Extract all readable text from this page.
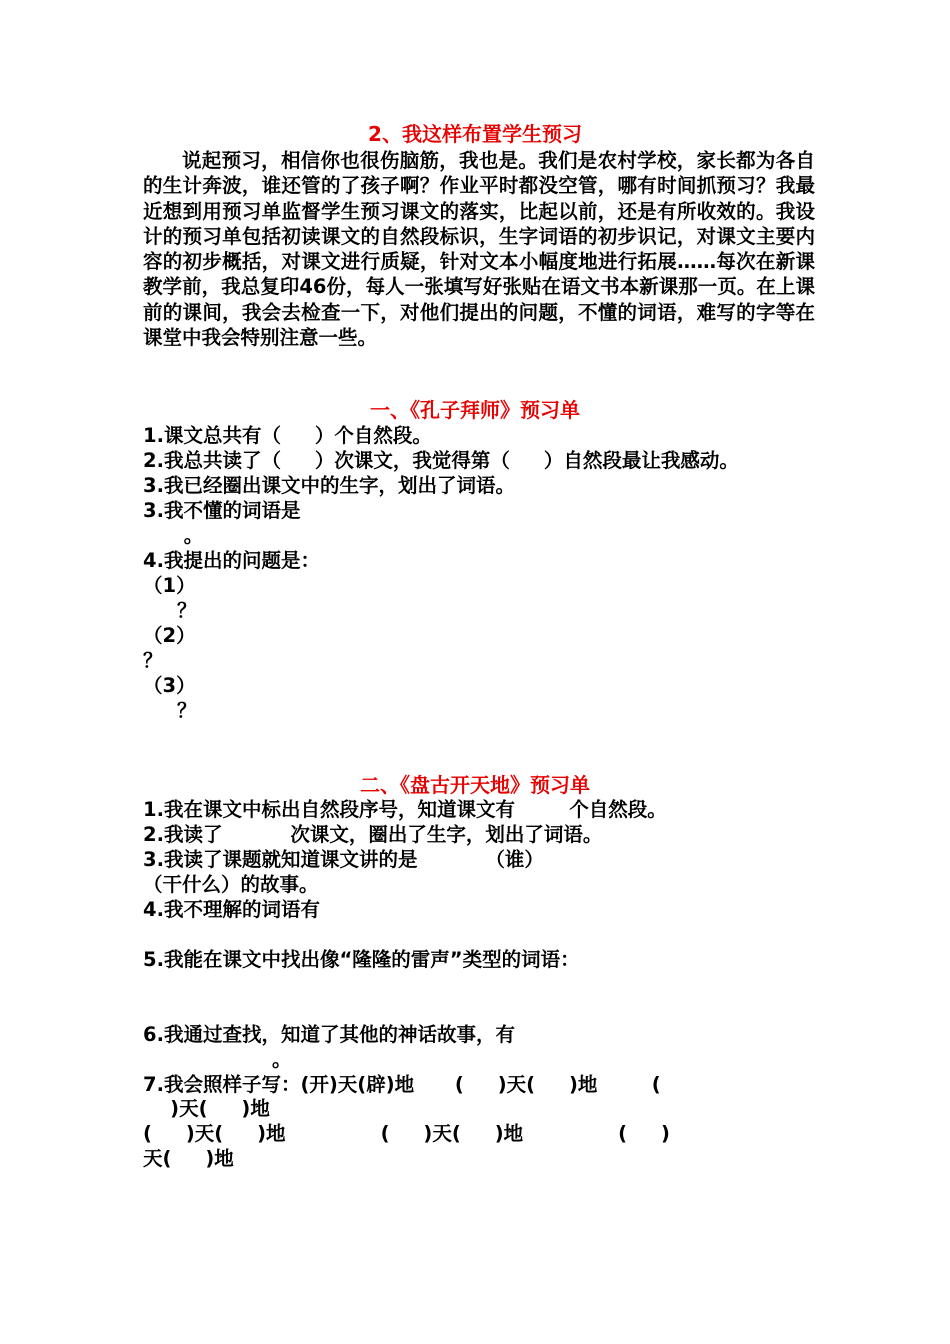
2、我这样布置学生预习

说起预习，相信你也很伤脑筋，我也是。我们是农村学校，家长都为各自的生计奔波，谁还管的了孩子啊？作业平时都没空管，哪有时间抓预习？我最近想到用预习单监督学生预习课文的落实，比起以前，还是有所收效的。我设计的预习单包括初读课文的自然段标识，生字词语的初步识记，对课文主要内容的初步概括，对课文进行质疑，针对文本小幅度地进行拓展……每次在新课教学前，我总复印46份，每人一张填写好张贴在语文书本新课那一页。在上课前的课间，我会去检查一下，对他们提出的问题，不懂的词语，难写的字等在课堂中我会特别注意一些。

一、《孔子拜师》预习单
1.课文总共有（     ）个自然段。
2.我总共读了（     ）次课文，我觉得第（     ）自然段最让我感动。
3.我已经圈出课文中的生字，划出了词语。
3.我不懂的词语是
。
4.我提出的问题是：
（1）
？
（2）
？
（3）
？
二、《盘古开天地》预习单
1.我在课文中标出自然段序号，知道课文有        个自然段。
2.我读了          次课文，圈出了生字，划出了词语。
3.我读了课题就知道课文讲的是          （谁）
（干什么）的故事。
4.我不理解的词语有
5.我能在课文中找出像“隆隆的雷声”类型的词语：
6.我通过查找，知道了其他的神话故事，有
。
7.我会照样子写：(开)天(辟)地      (     )天(     )地        (
)天(     )地
(     )天(     )地              (     )天(     )地              (     )
天(     )地
